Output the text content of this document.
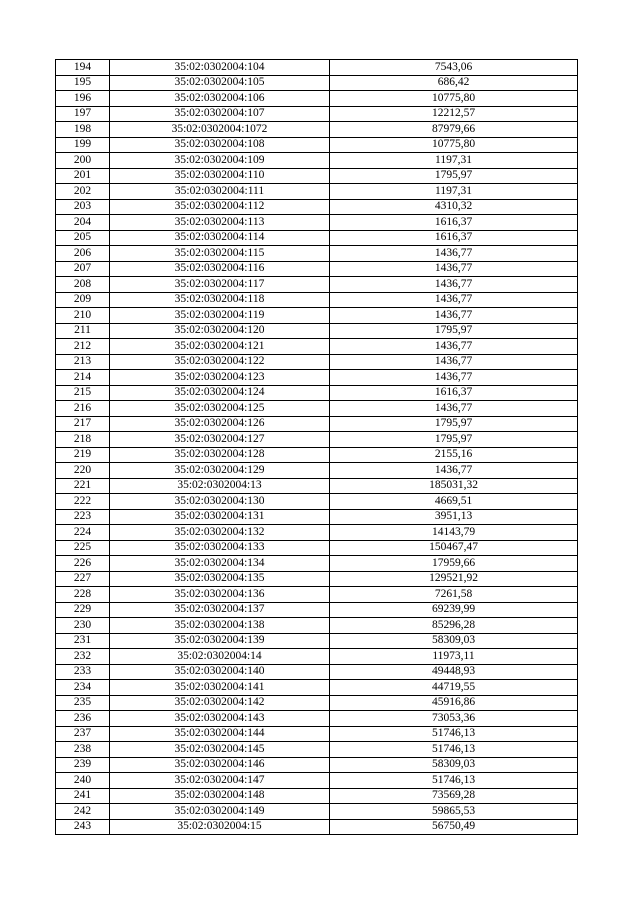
194	35:02:0302004:104	7543,06
195	35:02:0302004:105	686,42
196	35:02:0302004:106	10775,80
197	35:02:0302004:107	12212,57
198	35:02:0302004:1072	87979,66
199	35:02:0302004:108	10775,80
200	35:02:0302004:109	1197,31
201	35:02:0302004:110	1795,97
202	35:02:0302004:111	1197,31
203	35:02:0302004:112	4310,32
204	35:02:0302004:113	1616,37
205	35:02:0302004:114	1616,37
206	35:02:0302004:115	1436,77
207	35:02:0302004:116	1436,77
208	35:02:0302004:117	1436,77
209	35:02:0302004:118	1436,77
210	35:02:0302004:119	1436,77
211	35:02:0302004:120	1795,97
212	35:02:0302004:121	1436,77
213	35:02:0302004:122	1436,77
214	35:02:0302004:123	1436,77
215	35:02:0302004:124	1616,37
216	35:02:0302004:125	1436,77
217	35:02:0302004:126	1795,97
218	35:02:0302004:127	1795,97
219	35:02:0302004:128	2155,16
220	35:02:0302004:129	1436,77
221	35:02:0302004:13	185031,32
222	35:02:0302004:130	4669,51
223	35:02:0302004:131	3951,13
224	35:02:0302004:132	14143,79
225	35:02:0302004:133	150467,47
226	35:02:0302004:134	17959,66
227	35:02:0302004:135	129521,92
228	35:02:0302004:136	7261,58
229	35:02:0302004:137	69239,99
230	35:02:0302004:138	85296,28
231	35:02:0302004:139	58309,03
232	35:02:0302004:14	11973,11
233	35:02:0302004:140	49448,93
234	35:02:0302004:141	44719,55
235	35:02:0302004:142	45916,86
236	35:02:0302004:143	73053,36
237	35:02:0302004:144	51746,13
238	35:02:0302004:145	51746,13
239	35:02:0302004:146	58309,03
240	35:02:0302004:147	51746,13
241	35:02:0302004:148	73569,28
242	35:02:0302004:149	59865,53
243	35:02:0302004:15	56750,49
